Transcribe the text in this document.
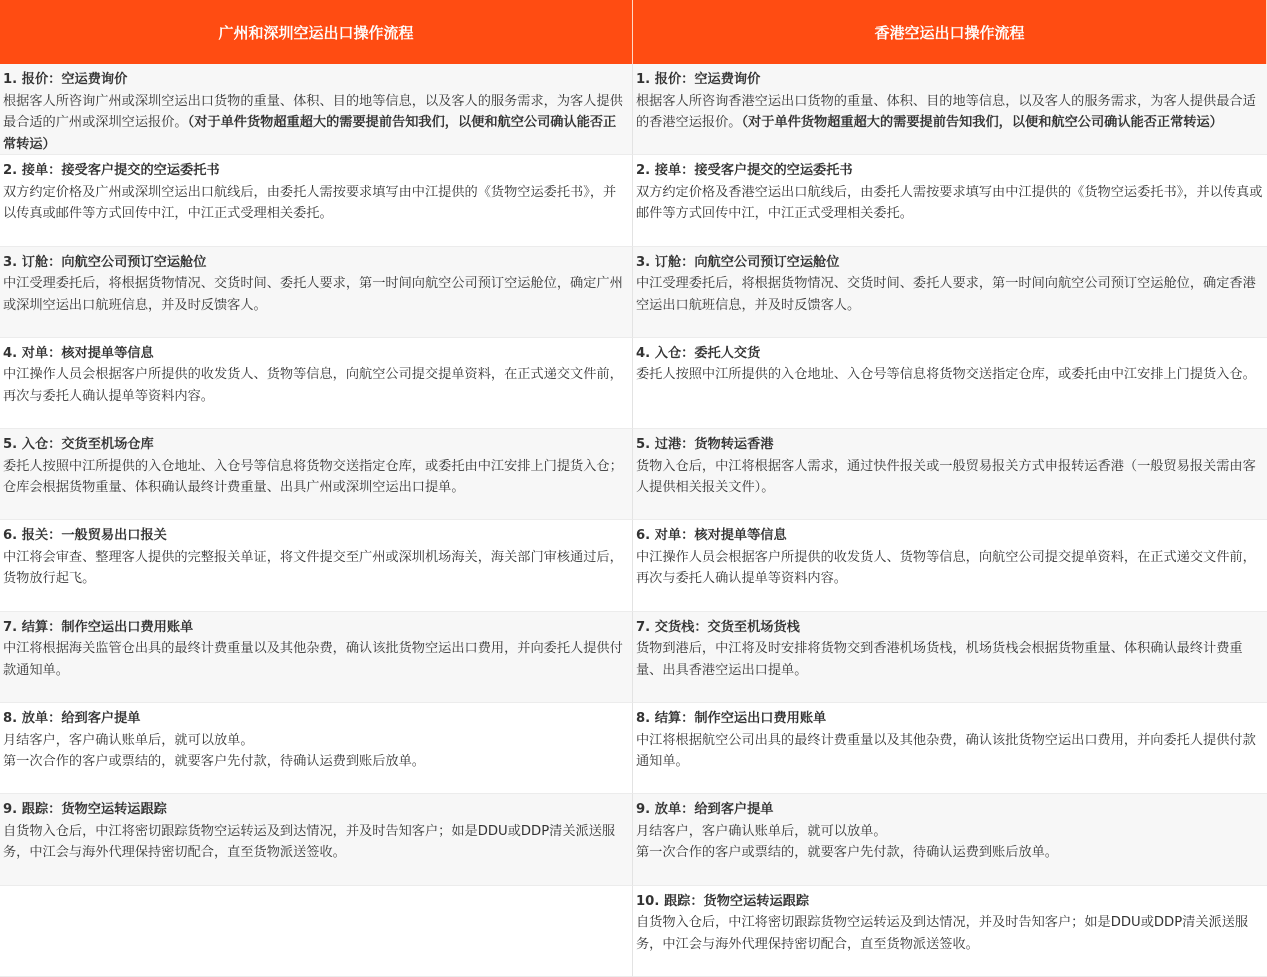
广州和深圳空运出口操作流程	香港空运出口操作流程
1. 报价：空运费询价
根据客人所咨询广州或深圳空运出口货物的重量、体积、目的地等信息，以及客人的服务需求，为客人提供最合适的广州或深圳空运报价。（对于单件货物超重超大的需要提前告知我们，以便和航空公司确认能否正常转运）
1. 报价：空运费询价
根据客人所咨询香港空运出口货物的重量、体积、目的地等信息，以及客人的服务需求，为客人提供最合适的香港空运报价。（对于单件货物超重超大的需要提前告知我们，以便和航空公司确认能否正常转运）
2. 接单：接受客户提交的空运委托书
双方约定价格及广州或深圳空运出口航线后，由委托人需按要求填写由中江提供的《货物空运委托书》，并以传真或邮件等方式回传中江，中江正式受理相关委托。
2. 接单：接受客户提交的空运委托书
双方约定价格及香港空运出口航线后，由委托人需按要求填写由中江提供的《货物空运委托书》，并以传真或邮件等方式回传中江，中江正式受理相关委托。
3. 订舱：向航空公司预订空运舱位
中江受理委托后，将根据货物情况、交货时间、委托人要求，第一时间向航空公司预订空运舱位，确定广州或深圳空运出口航班信息，并及时反馈客人。
3. 订舱：向航空公司预订空运舱位
中江受理委托后，将根据货物情况、交货时间、委托人要求，第一时间向航空公司预订空运舱位，确定香港空运出口航班信息，并及时反馈客人。
4. 对单：核对提单等信息
中江操作人员会根据客户所提供的收发货人、货物等信息，向航空公司提交提单资料，在正式递交文件前，再次与委托人确认提单等资料内容。
4. 入仓：委托人交货
委托人按照中江所提供的入仓地址、入仓号等信息将货物交送指定仓库，或委托由中江安排上门提货入仓。
5. 入仓：交货至机场仓库
委托人按照中江所提供的入仓地址、入仓号等信息将货物交送指定仓库，或委托由中江安排上门提货入仓；仓库会根据货物重量、体积确认最终计费重量、出具广州或深圳空运出口提单。
5. 过港：货物转运香港
货物入仓后，中江将根据客人需求，通过快件报关或一般贸易报关方式申报转运香港（一般贸易报关需由客人提供相关报关文件）。
6. 报关：一般贸易出口报关
中江将会审查、整理客人提供的完整报关单证，将文件提交至广州或深圳机场海关，海关部门审核通过后，货物放行起飞。
6. 对单：核对提单等信息
中江操作人员会根据客户所提供的收发货人、货物等信息，向航空公司提交提单资料，在正式递交文件前，再次与委托人确认提单等资料内容。
7. 结算：制作空运出口费用账单
中江将根据海关监管仓出具的最终计费重量以及其他杂费，确认该批货物空运出口费用，并向委托人提供付款通知单。
7. 交货栈：交货至机场货栈
货物到港后，中江将及时安排将货物交到香港机场货栈，机场货栈会根据货物重量、体积确认最终计费重量、出具香港空运出口提单。
8. 放单：给到客户提单
月结客户，客户确认账单后，就可以放单。
第一次合作的客户或票结的，就要客户先付款，待确认运费到账后放单。
8. 结算：制作空运出口费用账单
中江将根据航空公司出具的最终计费重量以及其他杂费，确认该批货物空运出口费用，并向委托人提供付款通知单。
9. 跟踪：货物空运转运跟踪
自货物入仓后，中江将密切跟踪货物空运转运及到达情况，并及时告知客户；如是DDU或DDP清关派送服务，中江会与海外代理保持密切配合，直至货物派送签收。
9. 放单：给到客户提单
月结客户，客户确认账单后，就可以放单。
第一次合作的客户或票结的，就要客户先付款，待确认运费到账后放单。
10. 跟踪：货物空运转运跟踪
自货物入仓后，中江将密切跟踪货物空运转运及到达情况，并及时告知客户；如是DDU或DDP清关派送服务，中江会与海外代理保持密切配合，直至货物派送签收。
